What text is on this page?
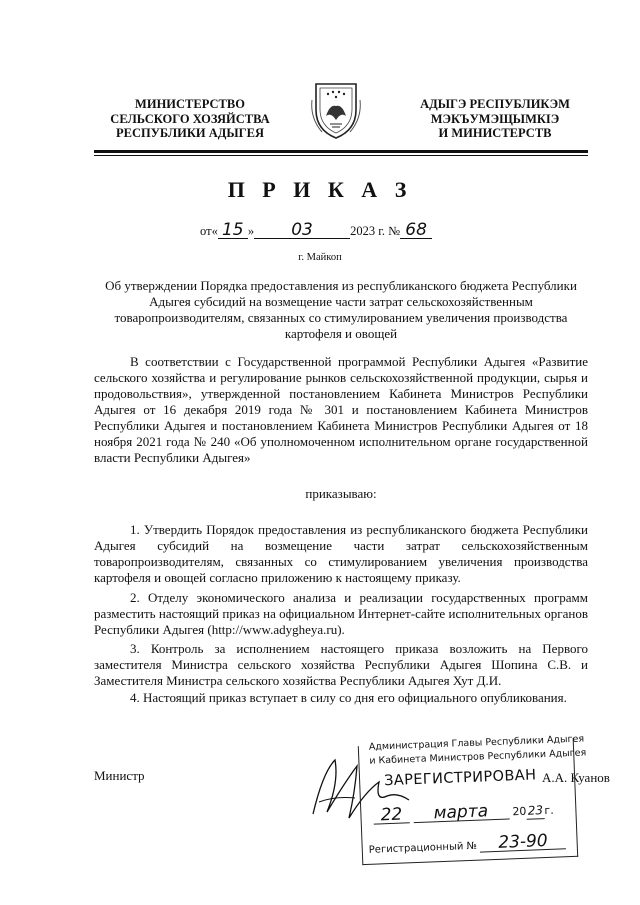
МИНИСТЕРСТВО
СЕЛЬСКОГО ХОЗЯЙСТВА
РЕСПУБЛИКИ АДЫГЕЯ
АДЫГЭ РЕСПУБЛИКЭМ
МЭКЪУМЭЩЫМКІЭ
И МИНИСТЕРСТВ
П Р И К А З
от« 15 » 03	2023 г. № 68
г. Майкоп
Об утверждении Порядка предоставления из республиканского бюджета Республики Адыгея субсидий на возмещение части затрат сельскохозяйственным товаропроизводителям, связанных со стимулированием увеличения производства картофеля и овощей
В соответствии с Государственной программой Республики Адыгея «Развитие сельского хозяйства и регулирование рынков сельскохозяйственной продукции, сырья и продовольствия», утвержденной постановлением Кабинета Министров Республики Адыгея от 16 декабря 2019 года № 301 и постановлением Кабинета Министров Республики Адыгея и постановлением Кабинета Министров Республики Адыгея от 18 ноября 2021 года № 240 «Об уполномоченном исполнительном органе государственной власти Республики Адыгея»
приказываю:
1. Утвердить Порядок предоставления из республиканского бюджета Республики Адыгея субсидий на возмещение части затрат сельскохозяйственным товаропроизводителям, связанных со стимулированием увеличения производства картофеля и овощей согласно приложению к настоящему приказу.
2. Отделу экономического анализа и реализации государственных программ разместить настоящий приказ на официальном Интернет-сайте исполнительных органов Республики Адыгея (http://www.adygheya.ru).
3. Контроль за исполнением настоящего приказа возложить на Первого заместителя Министра сельского хозяйства Республики Адыгея Шопина С.В. и Заместителя Министра сельского хозяйства Республики Адыгея Хут Д.И.
4. Настоящий приказ вступает в силу со дня его официального опубликования.
Министр	А.А. Куанов
Администрация Главы Республики Адыгея
и Кабинета Министров Республики Адыгея
ЗАРЕГИСТРИРОВАН
22 марта 2023г.
Регистрационный № 23-90
